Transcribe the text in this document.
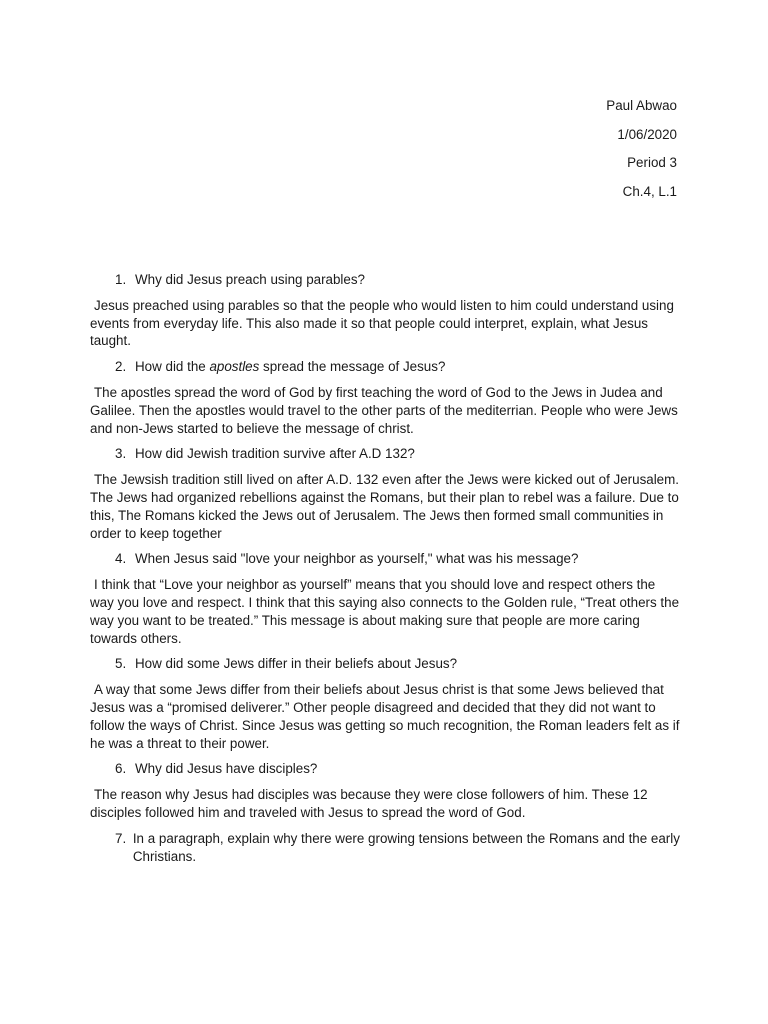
Paul Abwao
1/06/2020
Period 3
Ch.4, L.1
1. Why did Jesus preach using parables?

Jesus preached using parables so that the people who would listen to him could understand using events from everyday life. This also made it so that people could interpret, explain, what Jesus taught.

2. How did the apostles spread the message of Jesus?

The apostles spread the word of God by first teaching the word of God to the Jews in Judea and Galilee. Then the apostles would travel to the other parts of the mediterrian. People who were Jews and non-Jews started to believe the message of christ.

3. How did Jewish tradition survive after A.D 132?

The Jewsish tradition still lived on after A.D. 132 even after the Jews were kicked out of Jerusalem. The Jews had organized rebellions against the Romans, but their plan to rebel was a failure. Due to this, The Romans kicked the Jews out of Jerusalem. The Jews then formed small communities in order to keep together

4. When Jesus said "love your neighbor as yourself," what was his message?

I think that “Love your neighbor as yourself” means that you should love and respect others the way you love and respect. I think that this saying also connects to the Golden rule, “Treat others the way you want to be treated.” This message is about making sure that people are more caring towards others.

5. How did some Jews differ in their beliefs about Jesus?

A way that some Jews differ from their beliefs about Jesus christ is that some Jews believed that Jesus was a “promised deliverer.” Other people disagreed and decided that they did not want to follow the ways of Christ. Since Jesus was getting so much recognition, the Roman leaders felt as if he was a threat to their power.

6. Why did Jesus have disciples?

The reason why Jesus had disciples was because they were close followers of him. These 12 disciples followed him and traveled with Jesus to spread the word of God.

7. In a paragraph, explain why there were growing tensions between the Romans and the early Christians.
